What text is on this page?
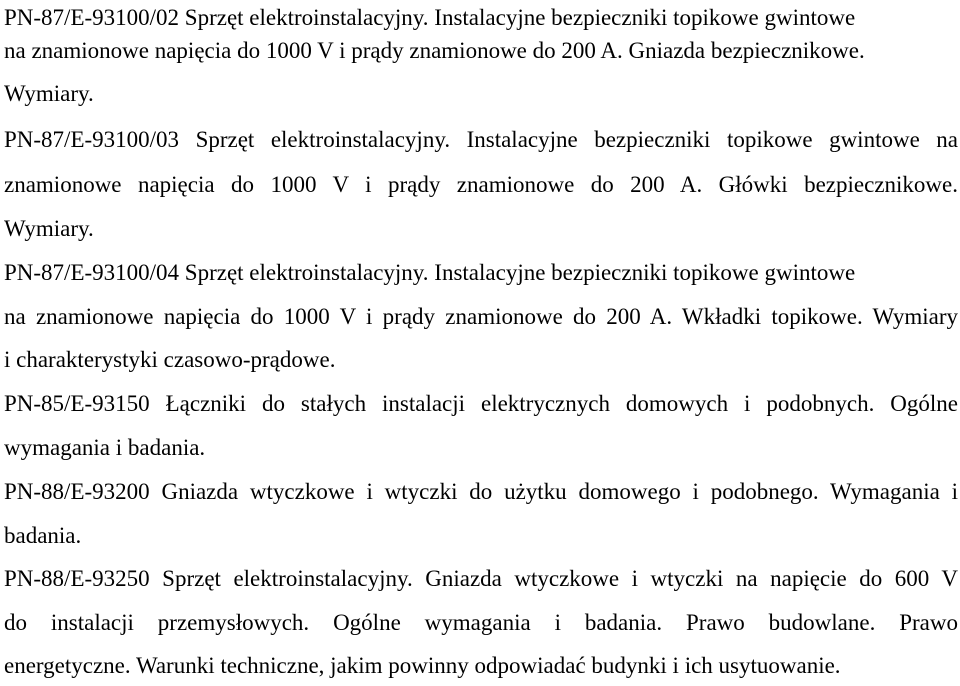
PN-87/E-93100/02 Sprzęt elektroinstalacyjny. Instalacyjne bezpieczniki topikowe gwintowe
na znamionowe napięcia do 1000 V i prądy znamionowe do 200 A. Gniazda bezpiecznikowe.
Wymiary.
PN-87/E-93100/03 Sprzęt elektroinstalacyjny. Instalacyjne bezpieczniki topikowe gwintowe na
znamionowe napięcia do 1000 V i prądy znamionowe do 200 A. Główki bezpiecznikowe.
Wymiary.
PN-87/E-93100/04 Sprzęt elektroinstalacyjny. Instalacyjne bezpieczniki topikowe gwintowe
na znamionowe napięcia do 1000 V i prądy znamionowe do 200 A. Wkładki topikowe. Wymiary
i charakterystyki czasowo-prądowe.
PN-85/E-93150 Łączniki do stałych instalacji elektrycznych domowych i podobnych. Ogólne
wymagania i badania.
PN-88/E-93200 Gniazda wtyczkowe i wtyczki do użytku domowego i podobnego. Wymagania i
badania.
PN-88/E-93250 Sprzęt elektroinstalacyjny. Gniazda wtyczkowe i wtyczki na napięcie do 600 V
do instalacji przemysłowych. Ogólne wymagania i badania. Prawo budowlane. Prawo
energetyczne. Warunki techniczne, jakim powinny odpowiadać budynki i ich usytuowanie.
